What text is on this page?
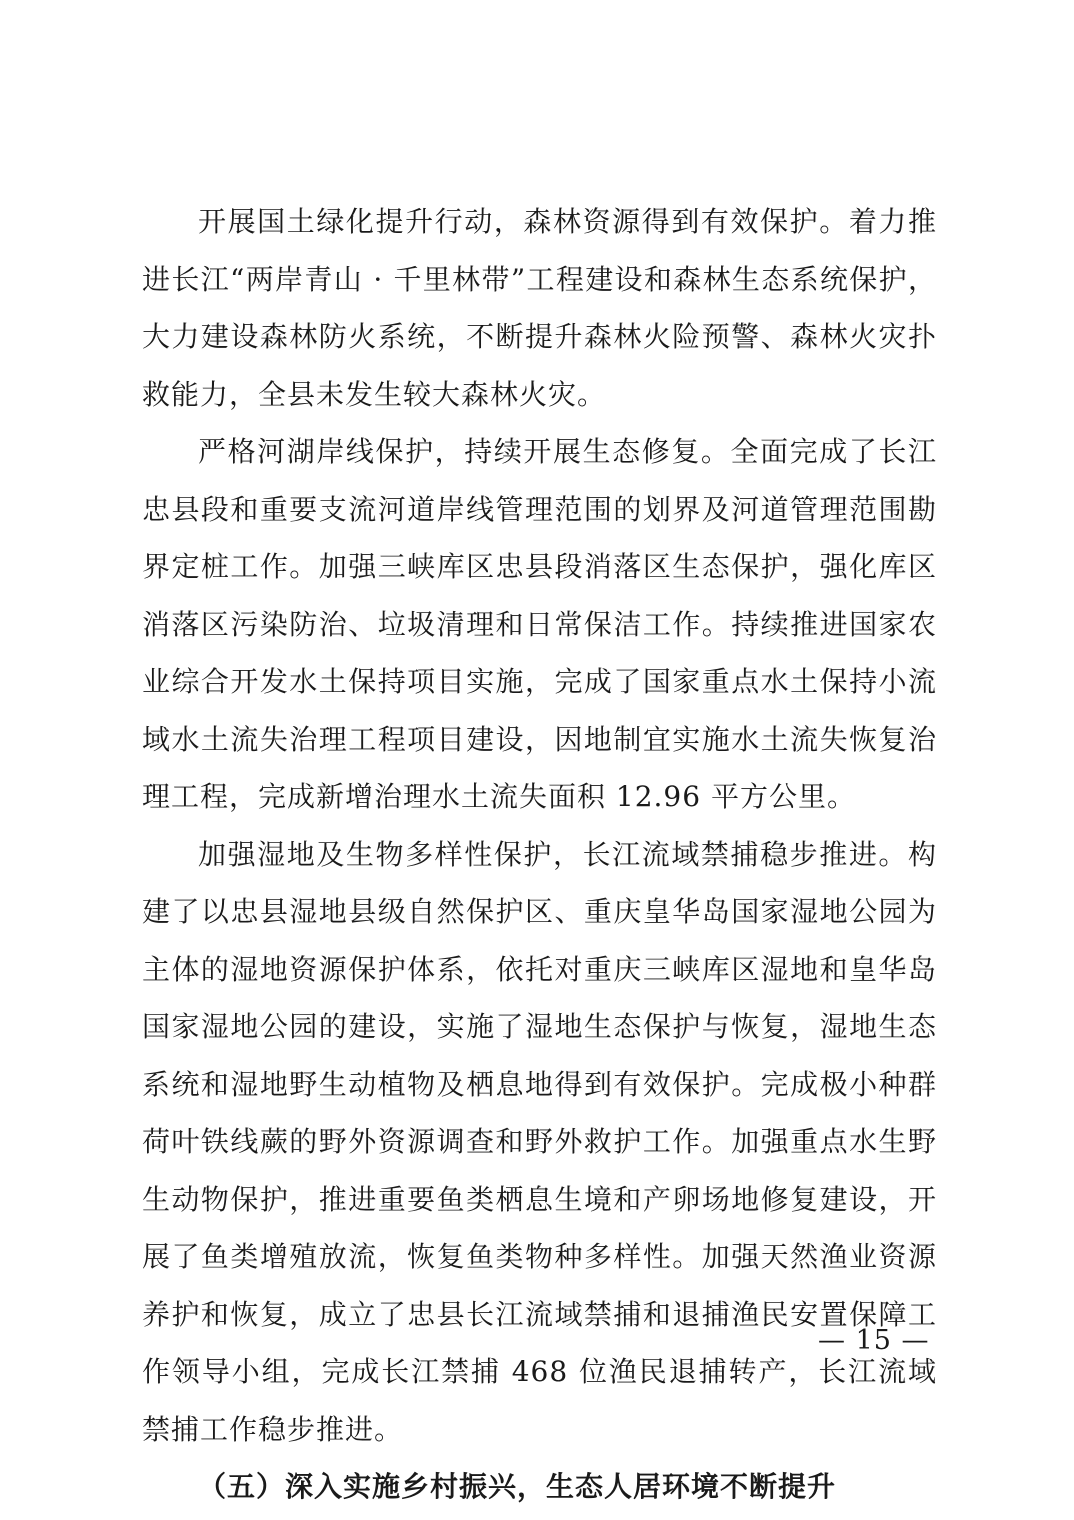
开展国土绿化提升行动，森林资源得到有效保护。着力推进长江“两岸青山 · 千里林带”工程建设和森林生态系统保护，大力建设森林防火系统，不断提升森林火险预警、森林火灾扑救能力，全县未发生较大森林火灾。

严格河湖岸线保护，持续开展生态修复。全面完成了长江忠县段和重要支流河道岸线管理范围的划界及河道管理范围勘界定桩工作。加强三峡库区忠县段消落区生态保护，强化库区消落区污染防治、垃圾清理和日常保洁工作。持续推进国家农业综合开发水土保持项目实施，完成了国家重点水土保持小流域水土流失治理工程项目建设，因地制宜实施水土流失恢复治理工程，完成新增治理水土流失面积 12.96 平方公里。

加强湿地及生物多样性保护，长江流域禁捕稳步推进。构建了以忠县湿地县级自然保护区、重庆皇华岛国家湿地公园为主体的湿地资源保护体系，依托对重庆三峡库区湿地和皇华岛国家湿地公园的建设，实施了湿地生态保护与恢复，湿地生态系统和湿地野生动植物及栖息地得到有效保护。完成极小种群荷叶铁线蕨的野外资源调查和野外救护工作。加强重点水生野生动物保护，推进重要鱼类栖息生境和产卵场地修复建设，开展了鱼类增殖放流，恢复鱼类物种多样性。加强天然渔业资源养护和恢复，成立了忠县长江流域禁捕和退捕渔民安置保障工作领导小组，完成长江禁捕 468 位渔民退捕转产，长江流域禁捕工作稳步推进。

（五）深入实施乡村振兴，生态人居环境不断提升

— 15 —
